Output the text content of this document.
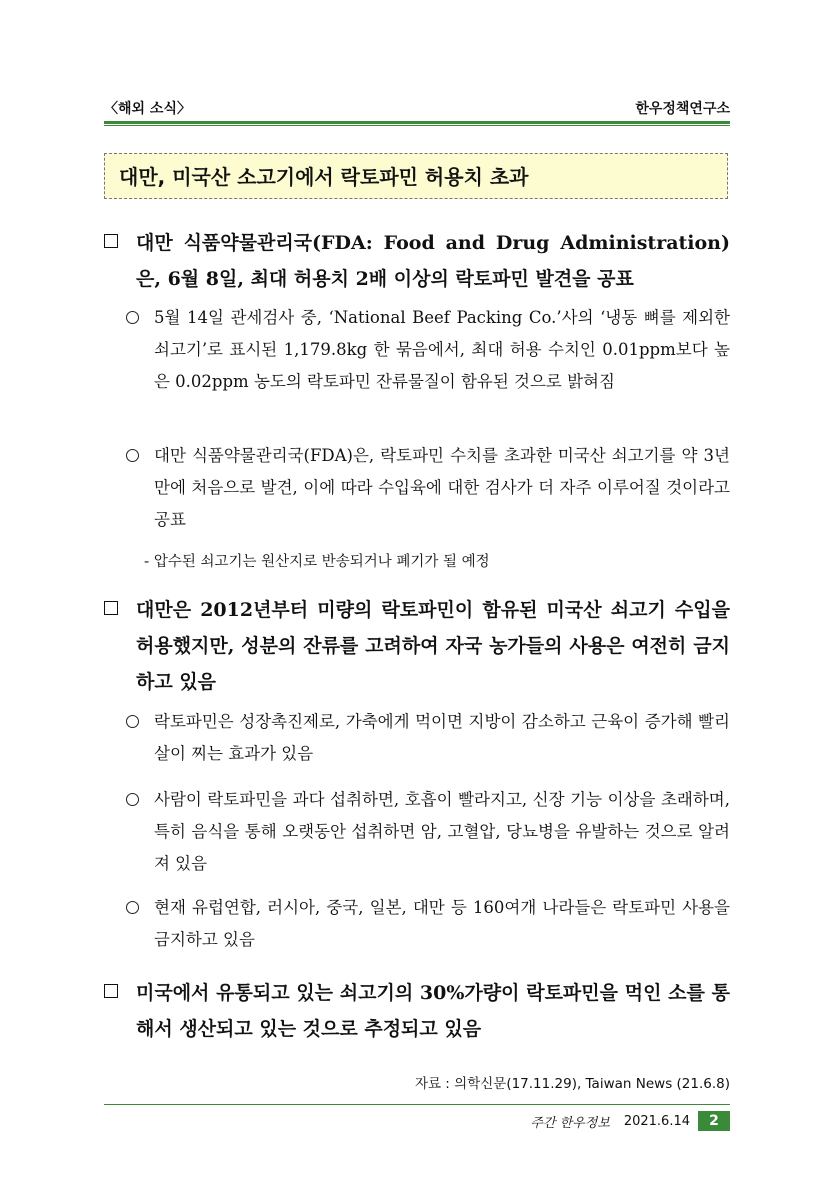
〈해외 소식〉	한우정책연구소
대만, 미국산 소고기에서 락토파민 허용치 초과
대만 식품약물관리국(FDA: Food and Drug Administration)은, 6월 8일, 최대 허용치 2배 이상의 락토파민 발견을 공표
5월 14일 관세검사 중, ‘National Beef Packing Co.’사의 ‘냉동 뼈를 제외한 쇠고기’로 표시된 1,179.8kg 한 묶음에서, 최대 허용 수치인 0.01ppm보다 높은 0.02ppm 농도의 락토파민 잔류물질이 함유된 것으로 밝혀짐
대만 식품약물관리국(FDA)은, 락토파민 수치를 초과한 미국산 쇠고기를 약 3년 만에 처음으로 발견, 이에 따라 수입육에 대한 검사가 더 자주 이루어질 것이라고 공표
- 압수된 쇠고기는 원산지로 반송되거나 폐기가 될 예정
대만은 2012년부터 미량의 락토파민이 함유된 미국산 쇠고기 수입을 허용했지만, 성분의 잔류를 고려하여 자국 농가들의 사용은 여전히 금지하고 있음
락토파민은 성장촉진제로, 가축에게 먹이면 지방이 감소하고 근육이 증가해 빨리 살이 찌는 효과가 있음
사람이 락토파민을 과다 섭취하면, 호흡이 빨라지고, 신장 기능 이상을 초래하며, 특히 음식을 통해 오랫동안 섭취하면 암, 고혈압, 당뇨병을 유발하는 것으로 알려져 있음
현재 유럽연합, 러시아, 중국, 일본, 대만 등 160여개 나라들은 락토파민 사용을 금지하고 있음
미국에서 유통되고 있는 쇠고기의 30%가량이 락토파민을 먹인 소를 통해서 생산되고 있는 것으로 추정되고 있음
자료 : 의학신문(17.11.29), Taiwan News (21.6.8)
주간 한우정보 2021.6.14	2
